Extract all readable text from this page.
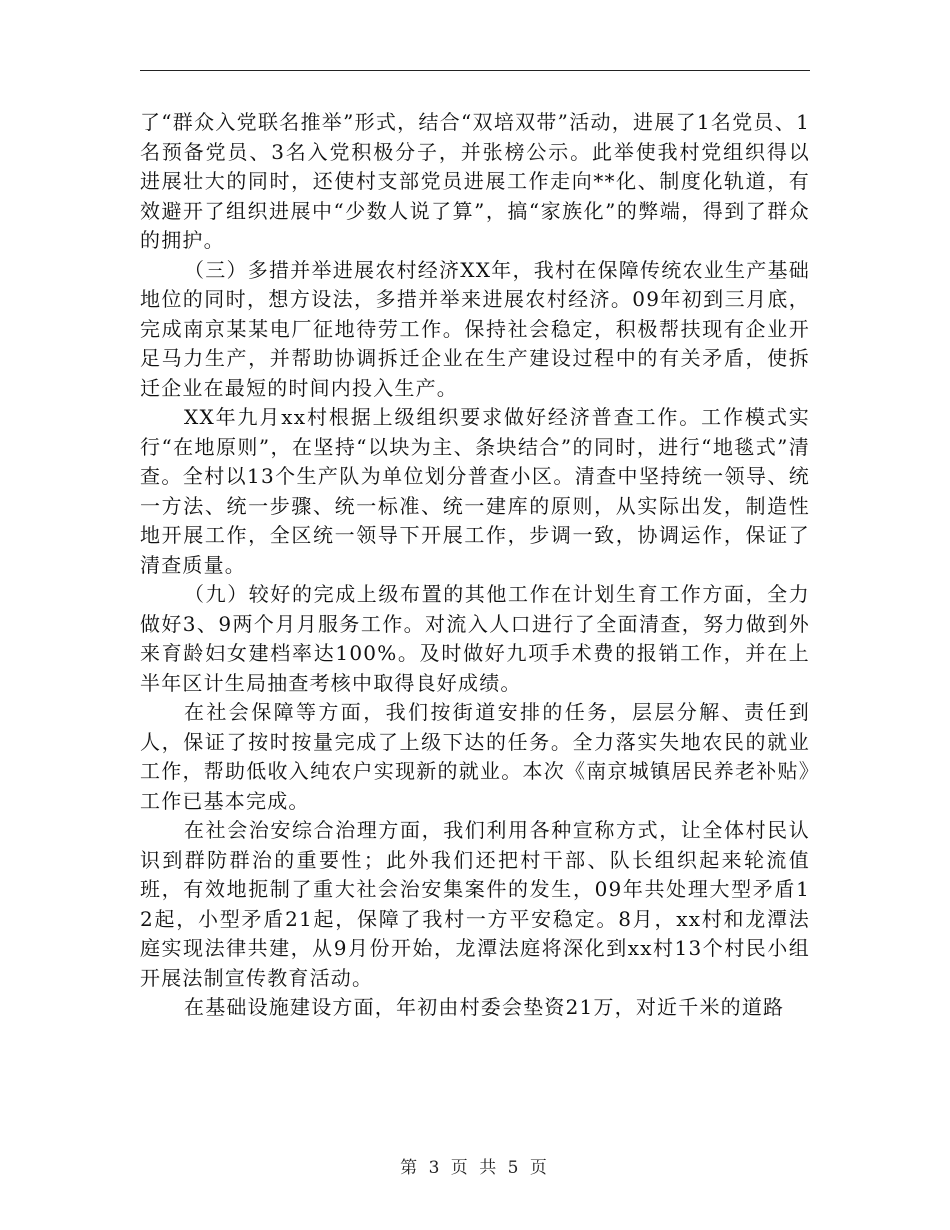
了“群众入党联名推举”形式，结合“双培双带”活动，进展了1名党员、1名预备党员、3名入党积极分子，并张榜公示。此举使我村党组织得以进展壮大的同时，还使村支部党员进展工作走向**化、制度化轨道，有效避开了组织进展中“少数人说了算”，搞“家族化”的弊端，得到了群众的拥护。

（三）多措并举进展农村经济XX年，我村在保障传统农业生产基础地位的同时，想方设法，多措并举来进展农村经济。09年初到三月底，完成南京某某电厂征地待劳工作。保持社会稳定，积极帮扶现有企业开足马力生产，并帮助协调拆迁企业在生产建设过程中的有关矛盾，使拆迁企业在最短的时间内投入生产。

XX年九月xx村根据上级组织要求做好经济普查工作。工作模式实行“在地原则”，在坚持“以块为主、条块结合”的同时，进行“地毯式”清查。全村以13个生产队为单位划分普查小区。清查中坚持统一领导、统一方法、统一步骤、统一标准、统一建库的原则，从实际出发，制造性地开展工作，全区统一领导下开展工作，步调一致，协调运作，保证了清查质量。

（九）较好的完成上级布置的其他工作在计划生育工作方面，全力做好3、9两个月月服务工作。对流入人口进行了全面清查，努力做到外来育龄妇女建档率达100%。及时做好九项手术费的报销工作，并在上半年区计生局抽查考核中取得良好成绩。

在社会保障等方面，我们按街道安排的任务，层层分解、责任到人，保证了按时按量完成了上级下达的任务。全力落实失地农民的就业工作，帮助低收入纯农户实现新的就业。本次《南京城镇居民养老补贴》工作已基本完成。

在社会治安综合治理方面，我们利用各种宣称方式，让全体村民认识到群防群治的重要性；此外我们还把村干部、队长组织起来轮流值班，有效地扼制了重大社会治安集案件的发生，09年共处理大型矛盾12起，小型矛盾21起，保障了我村一方平安稳定。8月，xx村和龙潭法庭实现法律共建，从9月份开始，龙潭法庭将深化到xx村13个村民小组开展法制宣传教育活动。

在基础设施建设方面，年初由村委会垫资21万，对近千米的道路

第 3 页 共 5 页
